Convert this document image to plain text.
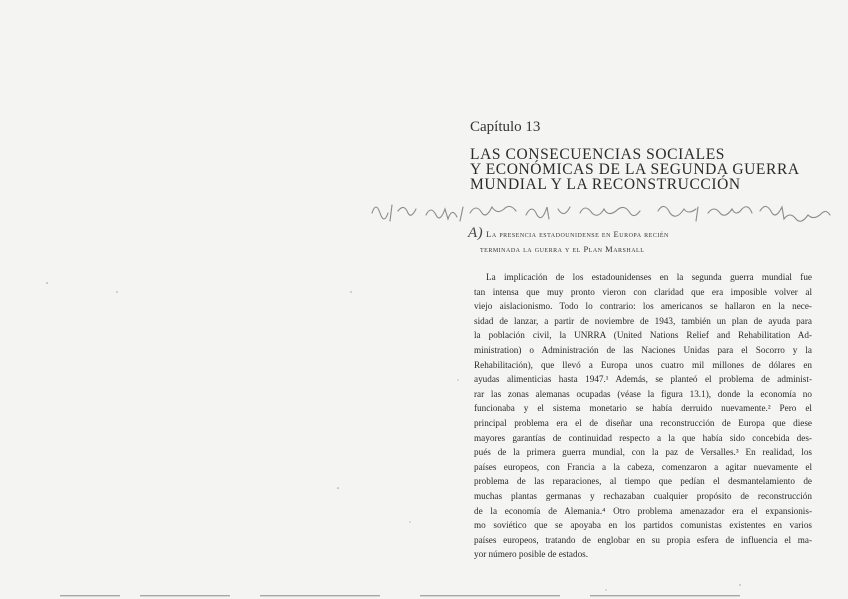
Capítulo 13
LAS CONSECUENCIAS SOCIALES
Y ECONÓMICAS DE LA SEGUNDA GUERRA
MUNDIAL Y LA RECONSTRUCCIÓN
A) La presencia estadounidense en Europa recién
terminada la guerra y el Plan Marshall
La implicación de los estadounidenses en la segunda guerra mundial fue
tan intensa que muy pronto vieron con claridad que era imposible volver al
viejo aislacionismo. Todo lo contrario: los americanos se hallaron en la nece-
sidad de lanzar, a partir de noviembre de 1943, también un plan de ayuda para
la población civil, la UNRRA (United Nations Relief and Rehabilitation Ad-
ministration) o Administración de las Naciones Unidas para el Socorro y la
Rehabilitación), que llevó a Europa unos cuatro mil millones de dólares en
ayudas alimenticias hasta 1947.¹ Además, se planteó el problema de administ-
rar las zonas alemanas ocupadas (véase la figura 13.1), donde la economía no
funcionaba y el sistema monetario se había derruido nuevamente.² Pero el
principal problema era el de diseñar una reconstrucción de Europa que diese
mayores garantías de continuidad respecto a la que había sido concebida des-
pués de la primera guerra mundial, con la paz de Versalles.³ En realidad, los
países europeos, con Francia a la cabeza, comenzaron a agitar nuevamente el
problema de las reparaciones, al tiempo que pedían el desmantelamiento de
muchas plantas germanas y rechazaban cualquier propósito de reconstrucción
de la economía de Alemania.⁴ Otro problema amenazador era el expansionis-
mo soviético que se apoyaba en los partidos comunistas existentes en varios
países europeos, tratando de englobar en su propia esfera de influencia el ma-
yor número posible de estados.
